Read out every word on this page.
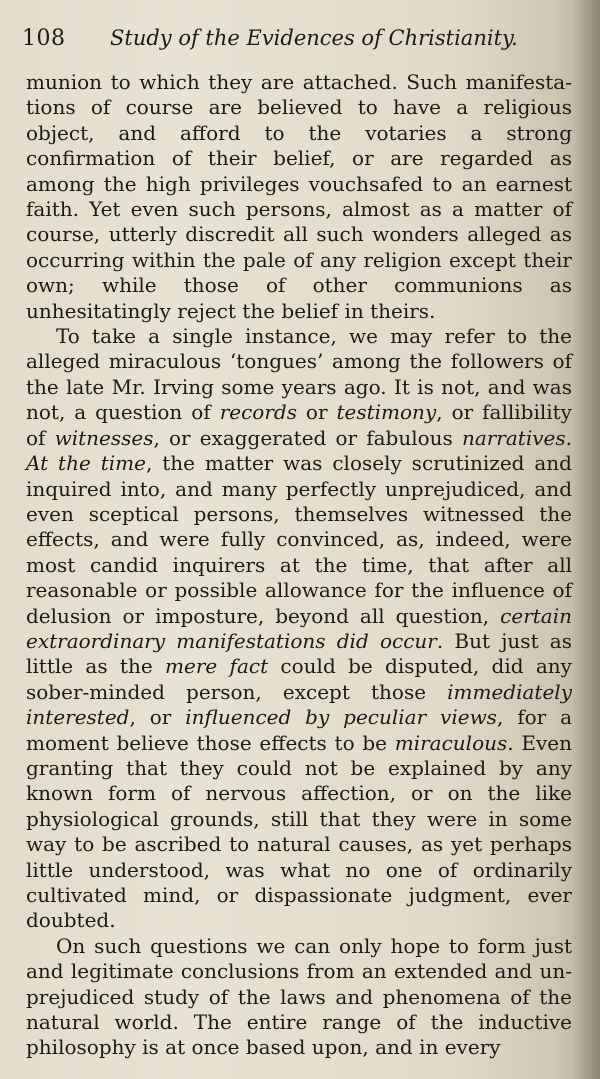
108 Study of the Evidences of Christianity.

munion to which they are attached. Such manifestations of course are believed to have a religious object, and afford to the votaries a strong confirmation of their belief, or are regarded as among the high privileges vouchsafed to an earnest faith. Yet even such persons, almost as a matter of course, utterly discredit all such wonders alleged as occurring within the pale of any religion except their own; while those of other communions as unhesitatingly reject the belief in theirs.

To take a single instance, we may refer to the alleged miraculous ‘tongues’ among the followers of the late Mr. Irving some years ago. It is not, and was not, a question of records or testimony, or fallibility of witnesses, or exaggerated or fabulous narratives. At the time, the matter was closely scrutinized and inquired into, and many perfectly unprejudiced, and even sceptical persons, themselves witnessed the effects, and were fully convinced, as, indeed, were most candid inquirers at the time, that after all reasonable or possible allowance for the influence of delusion or imposture, beyond all question, certain extraordinary manifestations did occur. But just as little as the mere fact could be disputed, did any sober-minded person, except those immediately interested, or influenced by peculiar views, for a moment believe those effects to be miraculous. Even granting that they could not be explained by any known form of nervous affection, or on the like physiological grounds, still that they were in some way to be ascribed to natural causes, as yet perhaps little understood, was what no one of ordinarily cultivated mind, or dispassionate judgment, ever doubted.

On such questions we can only hope to form just and legitimate conclusions from an extended and unprejudiced study of the laws and phenomena of the natural world. The entire range of the inductive philosophy is at once based upon, and in every
